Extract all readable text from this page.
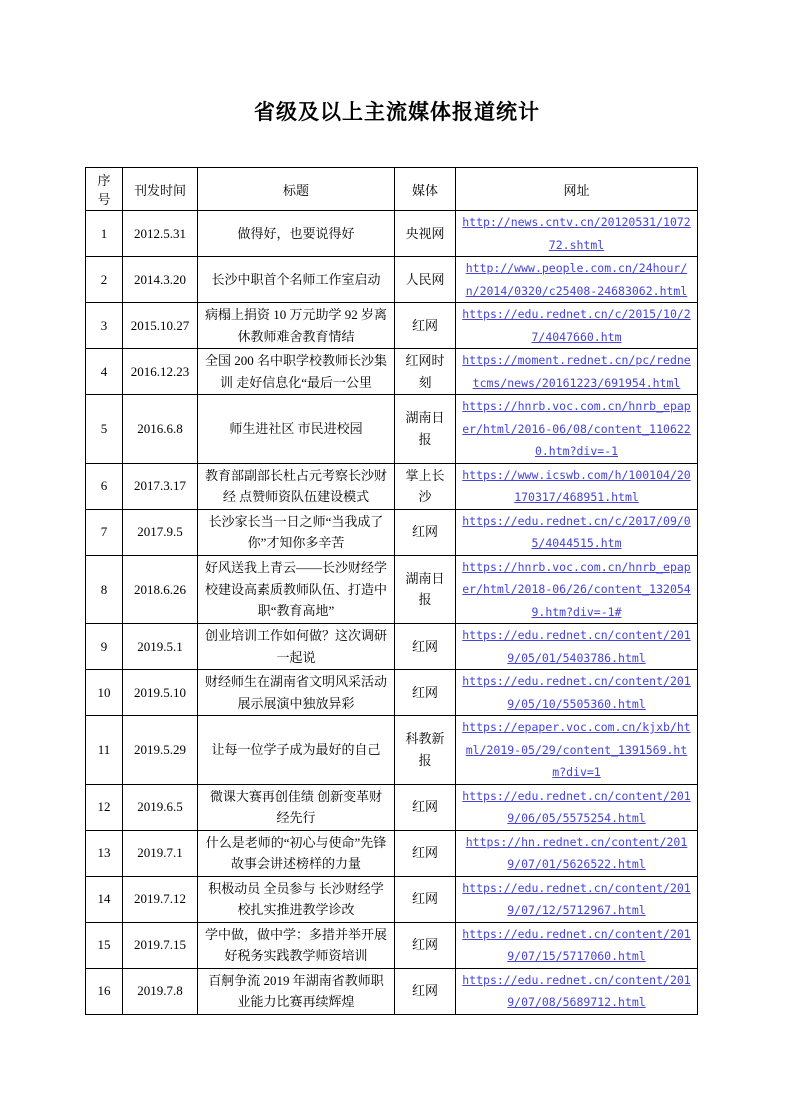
省级及以上主流媒体报道统计
序号	刊发时间	标题	媒体	网址
1	2012.5.31	做得好，也要说得好	央视网	http://news.cntv.cn/20120531/107272.shtml
2	2014.3.20	长沙中职首个名师工作室启动	人民网	http://www.people.com.cn/24hour/n/2014/0320/c25408-24683062.html
3	2015.10.27	病榻上捐资 10 万元助学 92 岁离休教师难舍教育情结	红网	https://edu.rednet.cn/c/2015/10/27/4047660.htm
4	2016.12.23	全国 200 名中职学校教师长沙集训 走好信息化“最后一公里	红网时刻	https://moment.rednet.cn/pc/rednetcms/news/20161223/691954.html
5	2016.6.8	师生进社区 市民进校园	湖南日报	https://hnrb.voc.com.cn/hnrb_epaper/html/2016-06/08/content_1106220.htm?div=-1
6	2017.3.17	教育部副部长杜占元考察长沙财经 点赞师资队伍建设模式	掌上长沙	https://www.icswb.com/h/100104/20170317/468951.html
7	2017.9.5	长沙家长当一日之师“当我成了你”才知你多辛苦	红网	https://edu.rednet.cn/c/2017/09/05/4044515.htm
8	2018.6.26	好风送我上青云——长沙财经学校建设高素质教师队伍、打造中职“教育高地”	湖南日报	https://hnrb.voc.com.cn/hnrb_epaper/html/2018-06/26/content_1320549.htm?div=-1#
9	2019.5.1	创业培训工作如何做？这次调研一起说	红网	https://edu.rednet.cn/content/2019/05/01/5403786.html
10	2019.5.10	财经师生在湖南省文明风采活动展示展演中独放异彩	红网	https://edu.rednet.cn/content/2019/05/10/5505360.html
11	2019.5.29	让每一位学子成为最好的自己	科教新报	https://epaper.voc.com.cn/kjxb/html/2019-05/29/content_1391569.htm?div=1
12	2019.6.5	微课大赛再创佳绩 创新变革财经先行	红网	https://edu.rednet.cn/content/2019/06/05/5575254.html
13	2019.7.1	什么是老师的“初心与使命”先锋故事会讲述榜样的力量	红网	https://hn.rednet.cn/content/2019/07/01/5626522.html
14	2019.7.12	积极动员 全员参与 长沙财经学校扎实推进教学诊改	红网	https://edu.rednet.cn/content/2019/07/12/5712967.html
15	2019.7.15	学中做，做中学：多措并举开展好税务实践教学师资培训	红网	https://edu.rednet.cn/content/2019/07/15/5717060.html
16	2019.7.8	百舸争流 2019 年湖南省教师职业能力比赛再续辉煌	红网	https://edu.rednet.cn/content/2019/07/08/5689712.html
